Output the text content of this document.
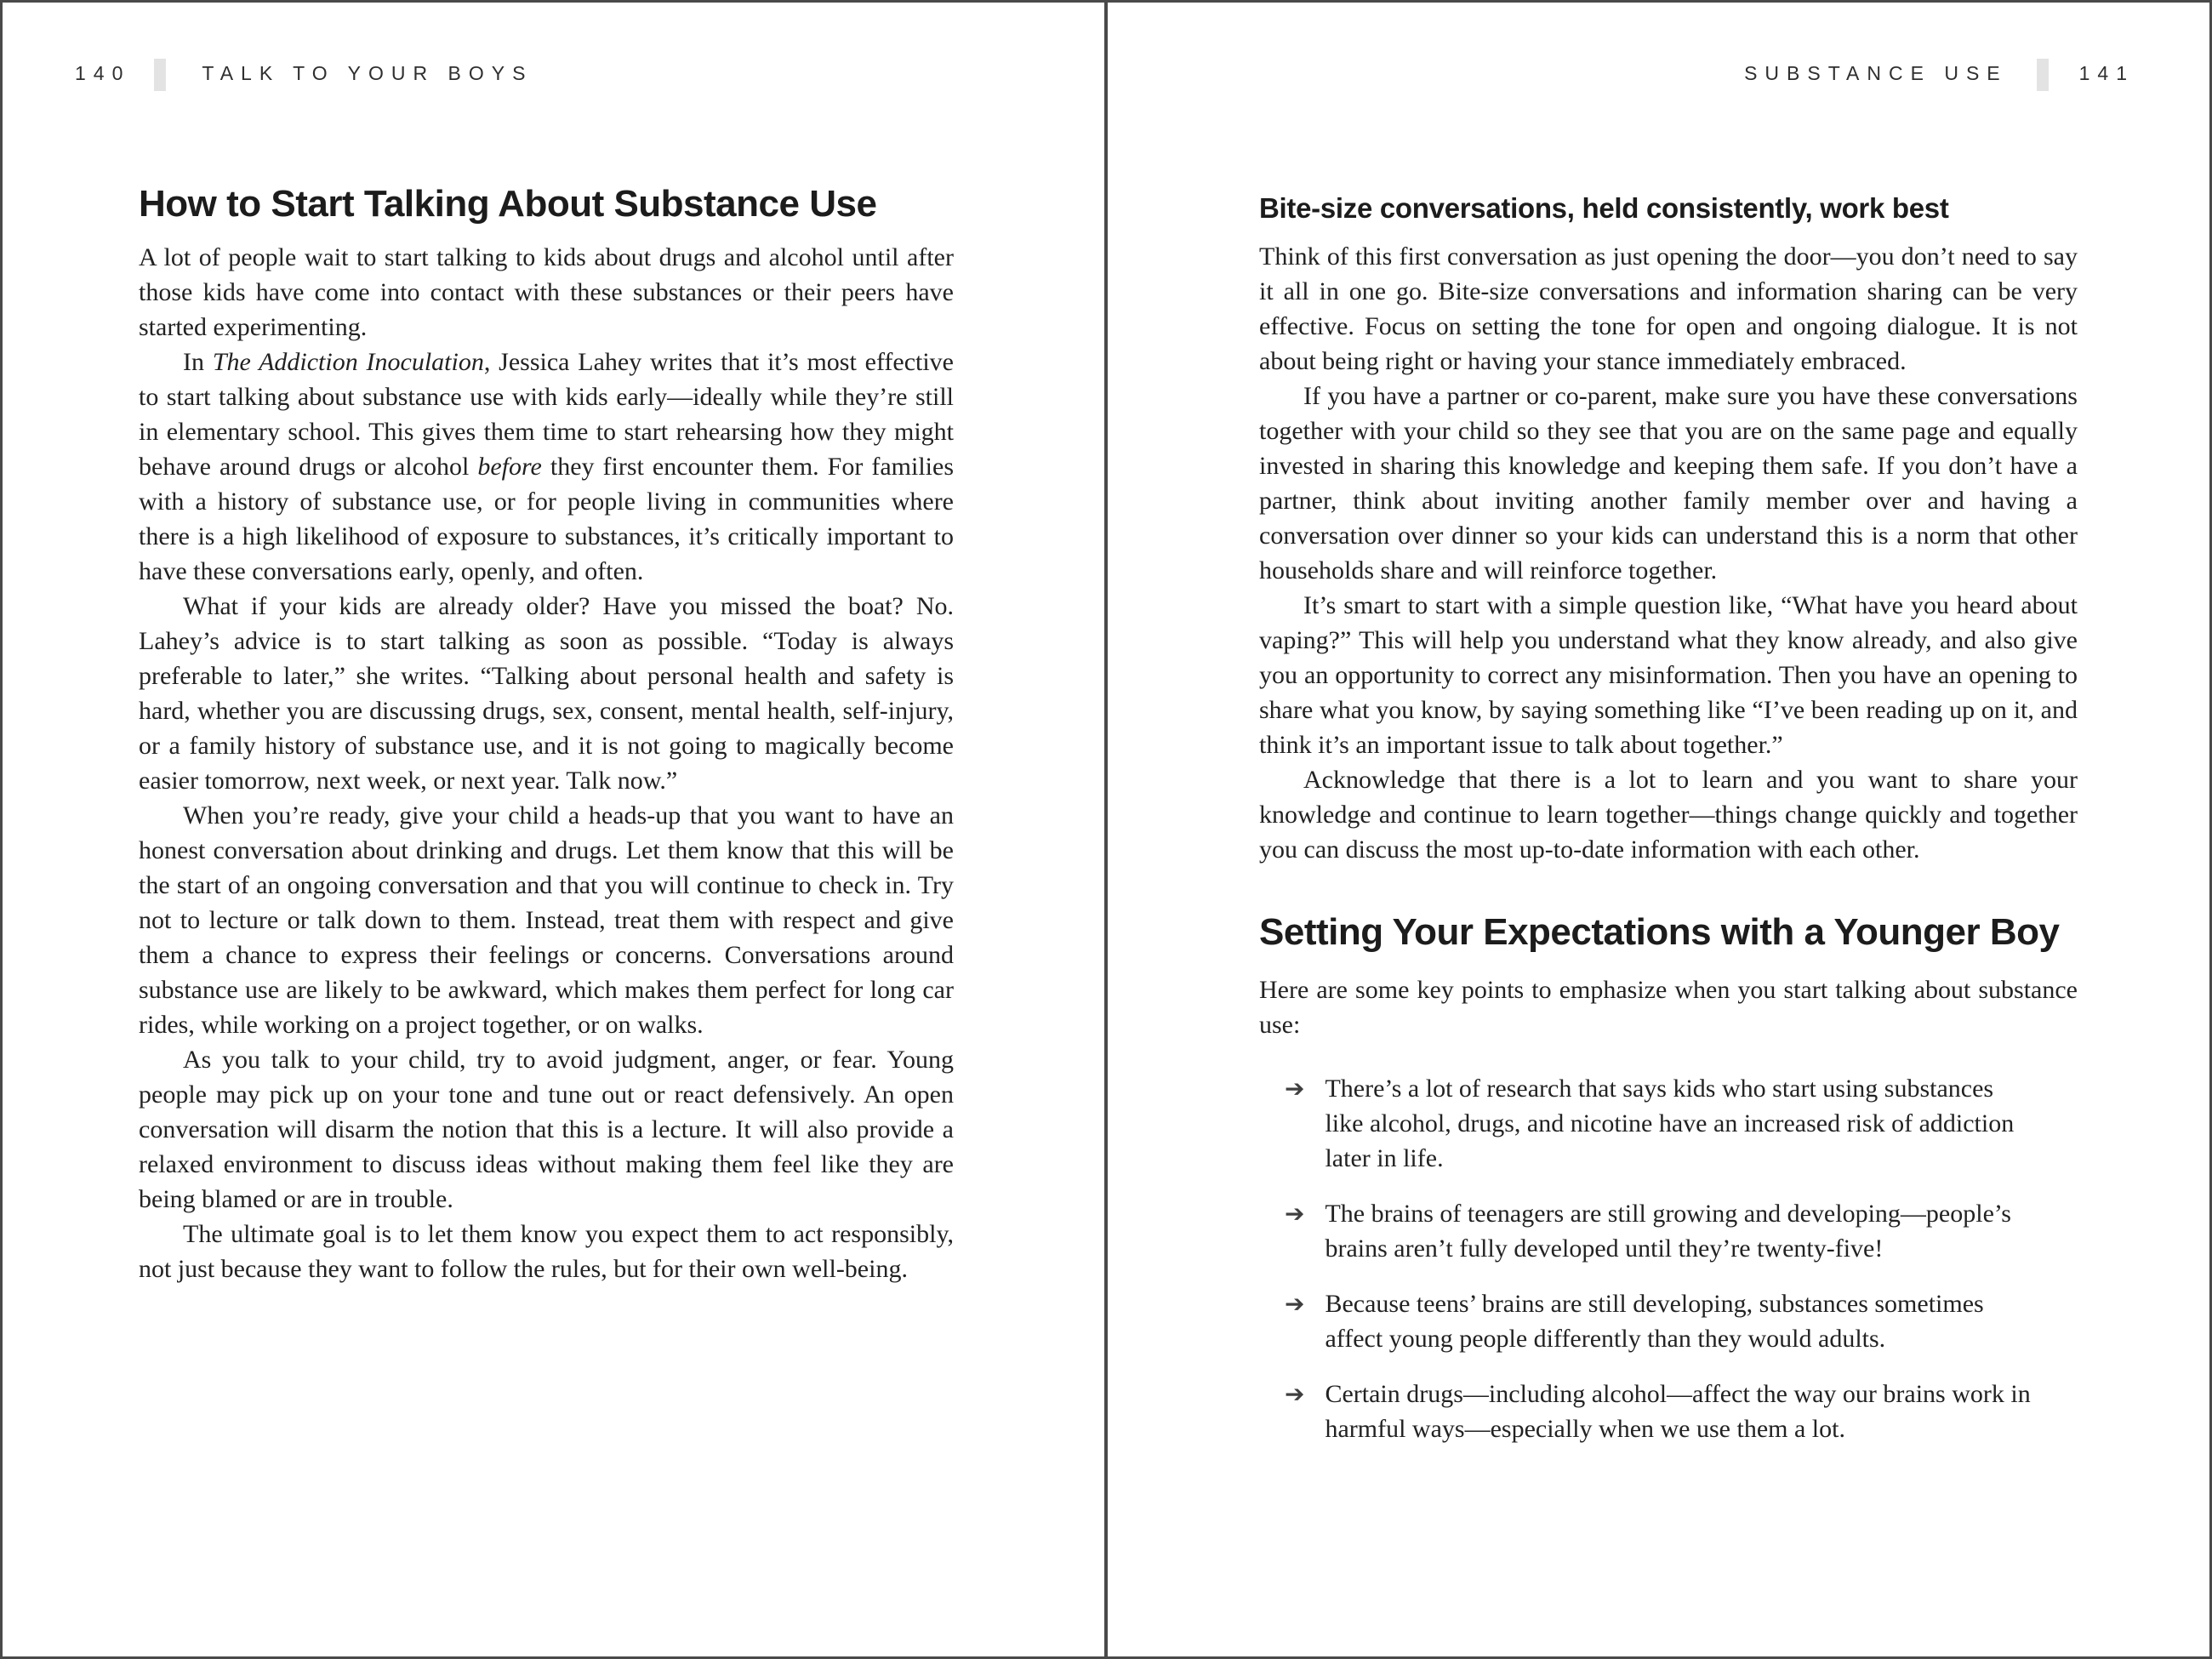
140	TALK TO YOUR BOYS
How to Start Talking About Substance Use

A lot of people wait to start talking to kids about drugs and alcohol until after those kids have come into contact with these substances or their peers have started experimenting.

In The Addiction Inoculation, Jessica Lahey writes that it’s most effective to start talking about substance use with kids early—ideally while they’re still in elementary school. This gives them time to start rehearsing how they might behave around drugs or alcohol before they first encounter them. For families with a history of substance use, or for people living in communities where there is a high likelihood of exposure to substances, it’s critically important to have these conversations early, openly, and often.

What if your kids are already older? Have you missed the boat? No. Lahey’s advice is to start talking as soon as possible. “Today is always preferable to later,” she writes. “Talking about personal health and safety is hard, whether you are discussing drugs, sex, consent, mental health, self-injury, or a family history of substance use, and it is not going to magically become easier tomorrow, next week, or next year. Talk now.”

When you’re ready, give your child a heads-up that you want to have an honest conversation about drinking and drugs. Let them know that this will be the start of an ongoing conversation and that you will continue to check in. Try not to lecture or talk down to them. Instead, treat them with respect and give them a chance to express their feelings or concerns. Conversations around substance use are likely to be awkward, which makes them perfect for long car rides, while working on a project together, or on walks.

As you talk to your child, try to avoid judgment, anger, or fear. Young people may pick up on your tone and tune out or react defensively. An open conversation will disarm the notion that this is a lecture. It will also provide a relaxed environment to discuss ideas without making them feel like they are being blamed or are in trouble.

The ultimate goal is to let them know you expect them to act responsibly, not just because they want to follow the rules, but for their own well-being.

SUBSTANCE USE	141
Bite-size conversations, held consistently, work best

Think of this first conversation as just opening the door—you don’t need to say it all in one go. Bite-size conversations and information sharing can be very effective. Focus on setting the tone for open and ongoing dialogue. It is not about being right or having your stance immediately embraced.

If you have a partner or co-parent, make sure you have these conversations together with your child so they see that you are on the same page and equally invested in sharing this knowledge and keeping them safe. If you don’t have a partner, think about inviting another family member over and having a conversation over dinner so your kids can understand this is a norm that other households share and will reinforce together.

It’s smart to start with a simple question like, “What have you heard about vaping?” This will help you understand what they know already, and also give you an opportunity to correct any misinformation. Then you have an opening to share what you know, by saying something like “I’ve been reading up on it, and think it’s an important issue to talk about together.”

Acknowledge that there is a lot to learn and you want to share your knowledge and continue to learn together—things change quickly and together you can discuss the most up-to-date information with each other.

Setting Your Expectations with a Younger Boy

Here are some key points to emphasize when you start talking about substance use:

➔ There’s a lot of research that says kids who start using substances like alcohol, drugs, and nicotine have an increased risk of addiction later in life.
➔ The brains of teenagers are still growing and developing—people’s brains aren’t fully developed until they’re twenty-five!
➔ Because teens’ brains are still developing, substances sometimes affect young people differently than they would adults.
➔ Certain drugs—including alcohol—affect the way our brains work in harmful ways—especially when we use them a lot.
